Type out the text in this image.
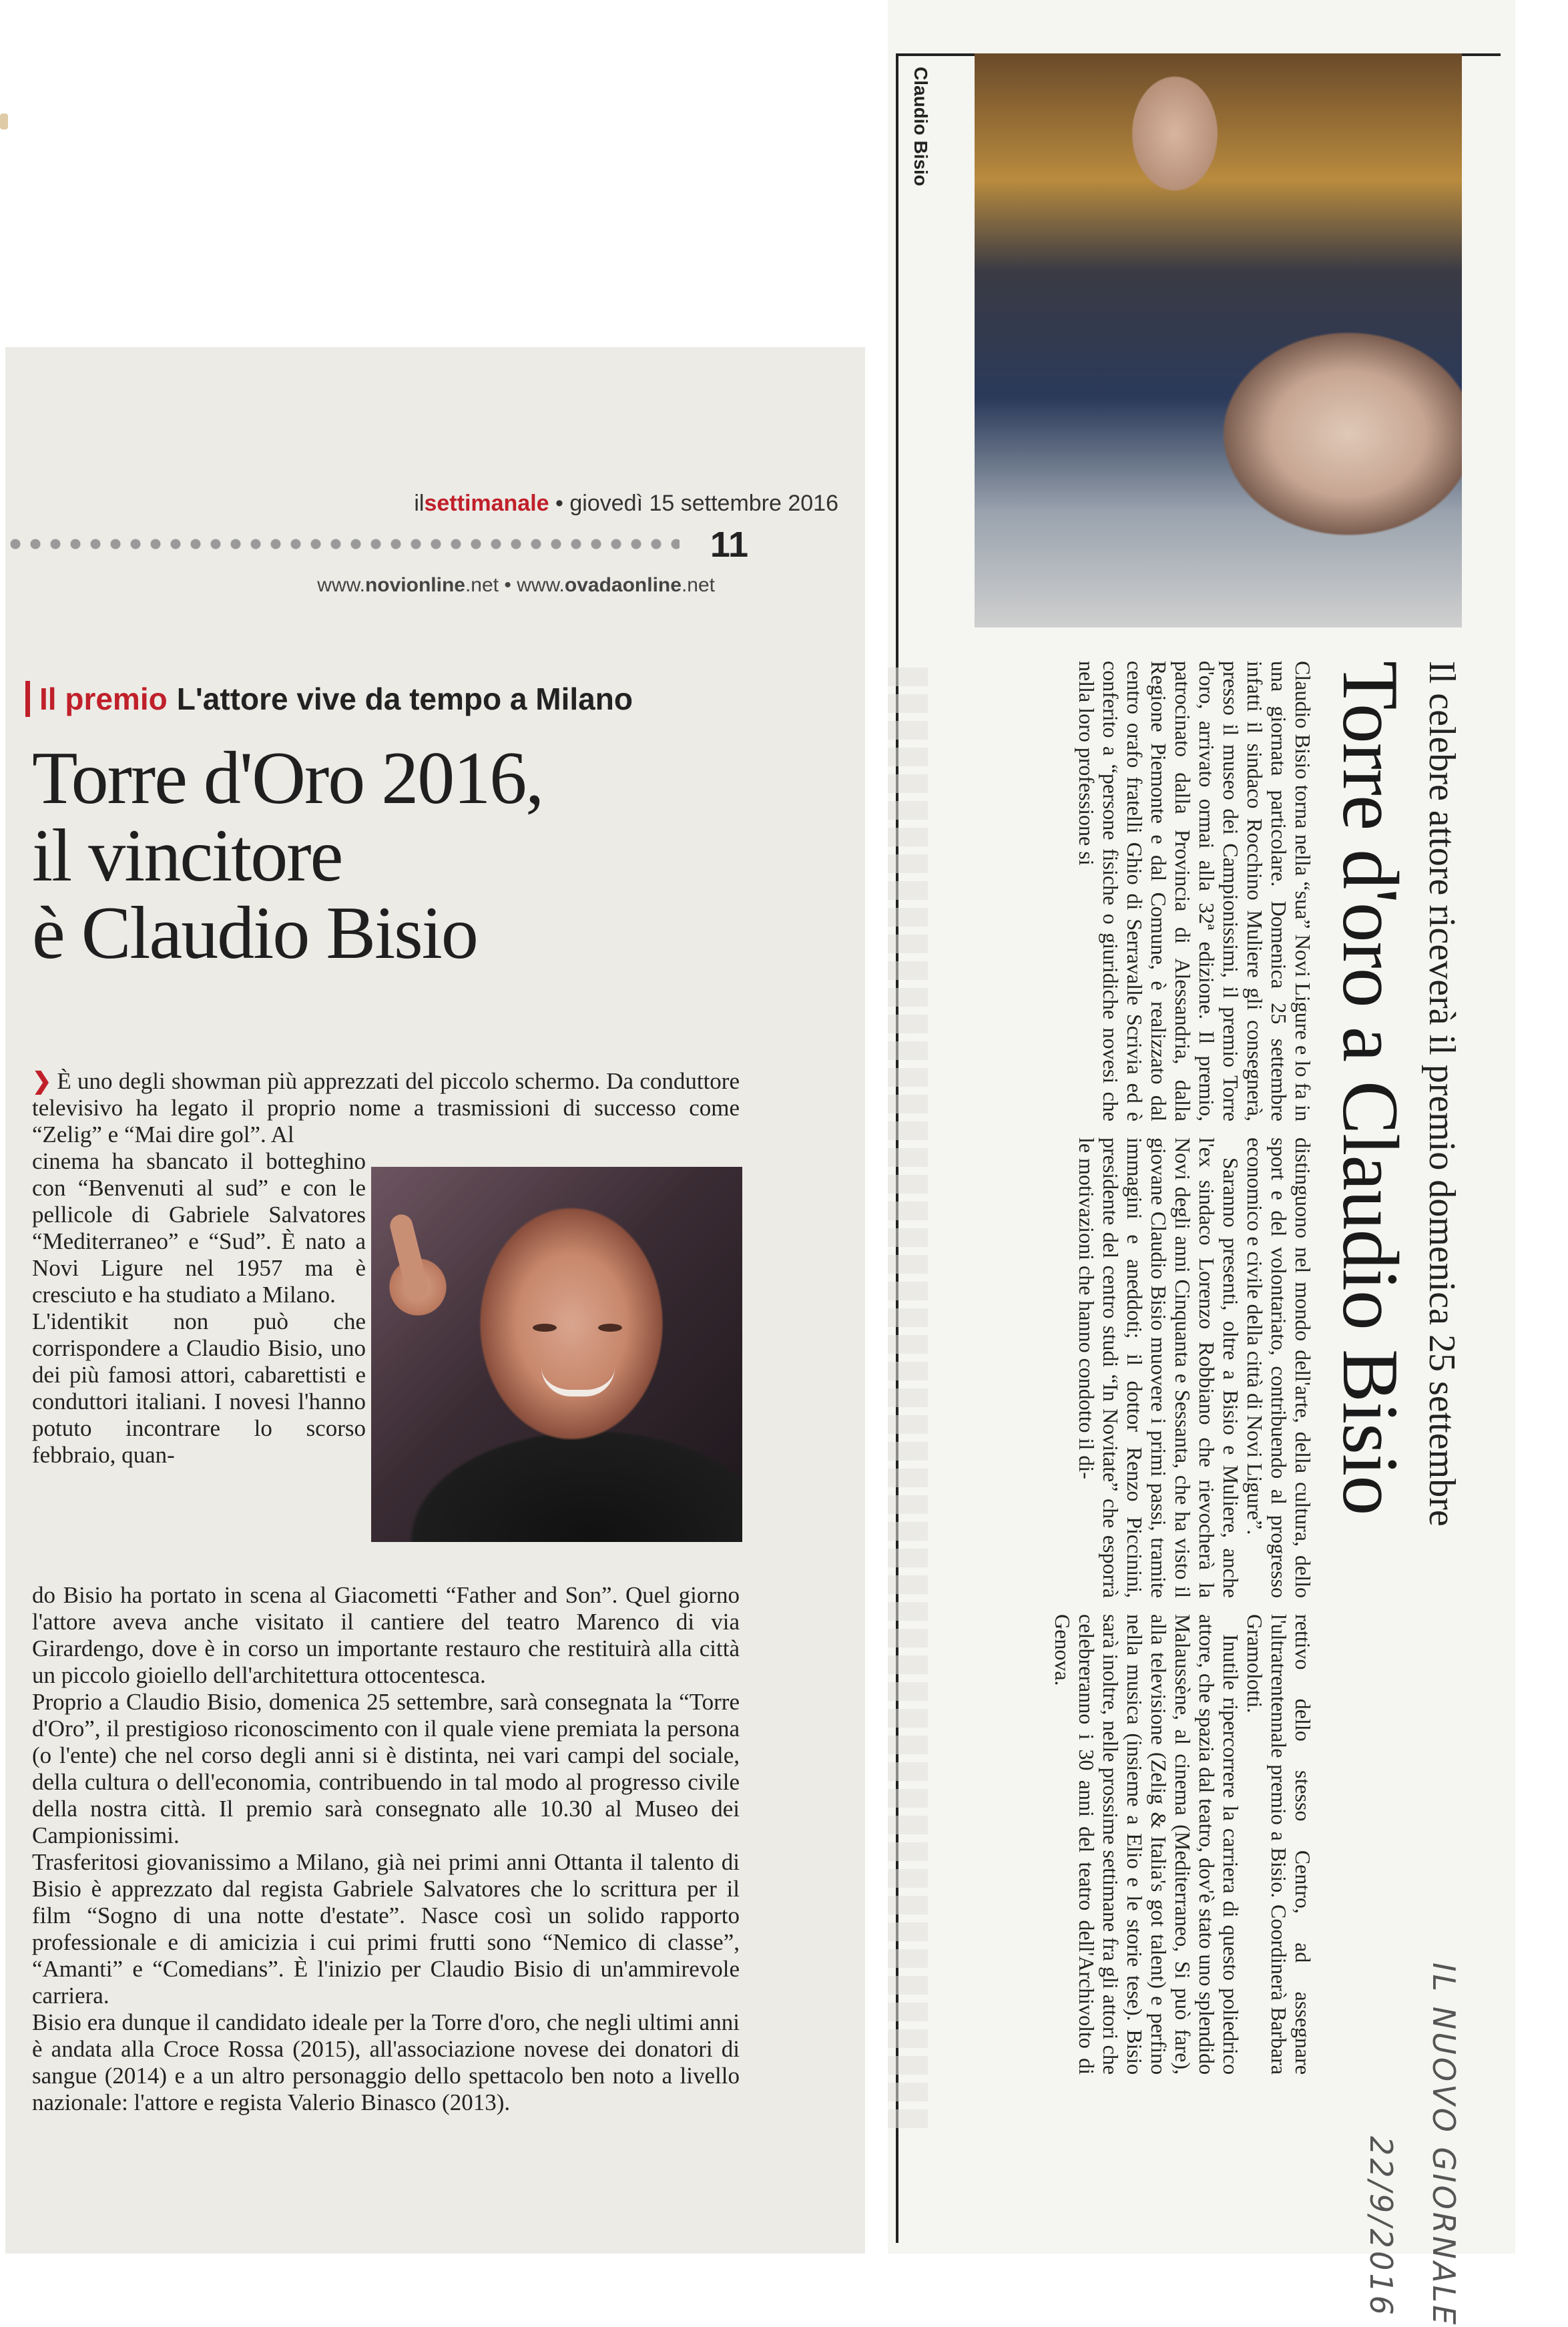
ilsettimanale • giovedì 15 settembre 2016
11
www.novionline.net • www.ovadaonline.net
Il premio L'attore vive da tempo a Milano
Torre d'Oro 2016,
il vincitore
è Claudio Bisio
❯ È uno degli showman più apprezzati del piccolo schermo. Da conduttore televisivo ha legato il proprio nome a trasmissioni di successo come “Zelig” e “Mai dire gol”. Al

cinema ha sbancato il botteghino con “Benvenuti al sud” e con le pellicole di Gabriele Salvatores “Mediterraneo” e “Sud”. È nato a Novi Ligure nel 1957 ma è cresciuto e ha studiato a Milano.

L'identikit non può che corrispondere a Claudio Bisio, uno dei più famosi attori, cabarettisti e conduttori italiani. I novesi l'hanno potuto incontrare lo scorso febbraio, quan-

do Bisio ha portato in scena al Giacometti “Father and Son”. Quel giorno l'attore aveva anche visitato il cantiere del teatro Marenco di via Girardengo, dove è in corso un importante restauro che restituirà alla città un piccolo gioiello dell'architettura ottocentesca.

Proprio a Claudio Bisio, domenica 25 settembre, sarà consegnata la “Torre d'Oro”, il prestigioso riconoscimento con il quale viene premiata la persona (o l'ente) che nel corso degli anni si è distinta, nei vari campi del sociale, della cultura o dell'economia, contribuendo in tal modo al progresso civile della nostra città. Il premio sarà consegnato alle 10.30 al Museo dei Campionissimi.

Trasferitosi giovanissimo a Milano, già nei primi anni Ottanta il talento di Bisio è apprezzato dal regista Gabriele Salvatores che lo scritturа per il film “Sogno di una notte d'estate”. Nasce così un solido rapporto professionale e di amicizia i cui primi frutti sono “Nemico di classe”, “Amanti” e “Comedians”. È l'inizio per Claudio Bisio di un'ammirevole carriera.

Bisio era dunque il candidato ideale per la Torre d'oro, che negli ultimi anni è andata alla Croce Rossa (2015), all'associazione novese dei donatori di sangue (2014) e a un altro personaggio dello spettacolo ben noto a livello nazionale: l'attore e regista Valerio Binasco (2013).

Claudio Bisio
Il celebre attore riceverà il premio domenica 25 settembre
Torre d'oro a Claudio Bisio

Claudio Bisio torna nella “sua” Novi Ligure e lo fa in una giornata particolare. Domenica 25 settembre infatti il sindaco Rocchino Muliere gli consegnerà, presso il museo dei Campionissimi, il premio Torre d'oro, arrivato ormai alla 32ª edizione. Il premio, patrocinato dalla Provincia di Alessandria, dalla Regione Piemonte e dal Comune, è realizzato dal centro orafo fratelli Ghio di Serravalle Scrivia ed è conferito a “persone fisiche o giuridiche novesi che nella loro professione si

distinguono nel mondo dell'arte, della cultura, dello sport e del volontariato, contribuendo al progresso economico e civile della città di Novi Ligure”.

Saranno presenti, oltre a Bisio e Muliere, anche l'ex sindaco Lorenzo Robbiano che rievocherà la Novi degli anni Cinquanta e Sessanta, che ha visto il giovane Claudio Bisio muovere i primi passi, tramite immagini e aneddoti; il dottor Renzo Piccinini, presidente del centro studi “In Novitate” che esporrà le motivazioni che hanno condotto il di-

rettivo dello stesso Centro, ad assegnare l'ultratrentennale premio a Bisio. Coordinerà Barbara Gramolotti.

Inutile ripercorrere la carriera di questo poliedrico attore, che spazia dal teatro, dov'è stato uno splendido Malaussène, al cinema (Mediterraneo, Si può fare), alla televisione (Zelig & Italia's got talent) e perfino nella musica (insieme a Elio e le storie tese). Bisio sarà inoltre, nelle prossime settimane fra gli attori che celebreranno i 30 anni del teatro dell'Archivolto di Genova.

IL NUOVO GIORNALE
22/9/2016
